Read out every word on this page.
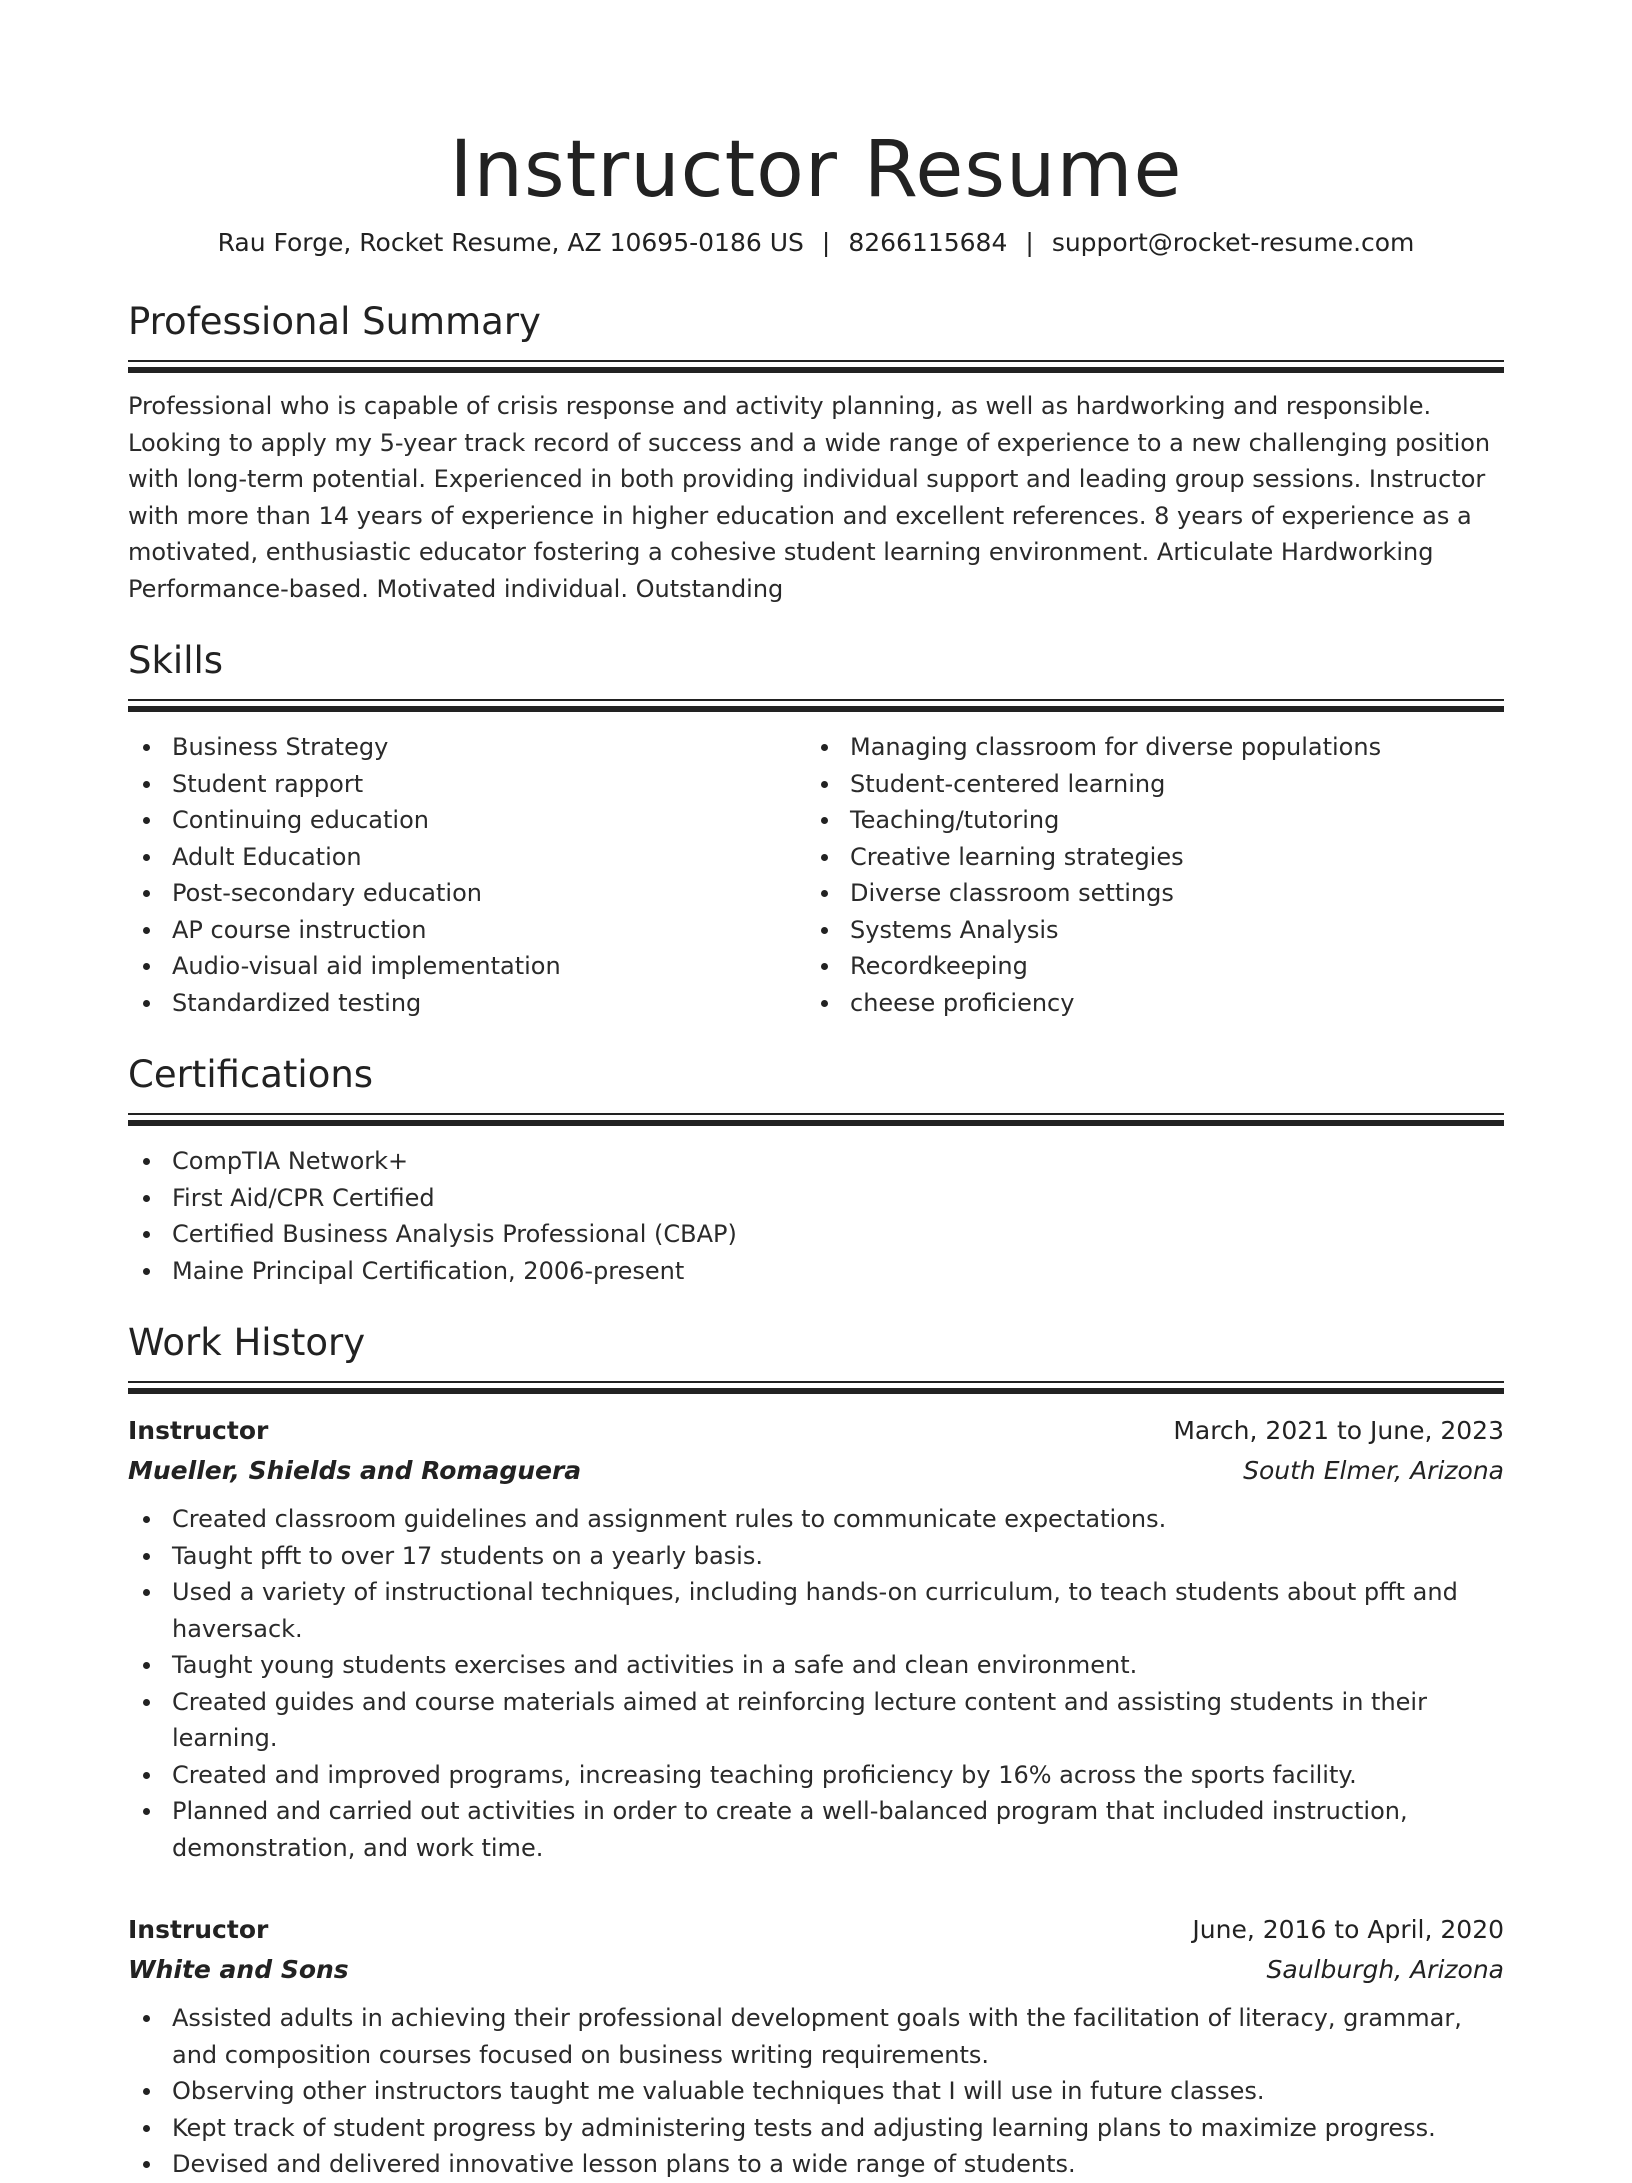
Instructor Resume
Rau Forge, Rocket Resume, AZ 10695-0186 US | 8266115684 | support@rocket-resume.com
Professional Summary
Professional who is capable of crisis response and activity planning, as well as hardworking and responsible. Looking to apply my 5-year track record of success and a wide range of experience to a new challenging position with long-term potential. Experienced in both providing individual support and leading group sessions. Instructor with more than 14 years of experience in higher education and excellent references. 8 years of experience as a motivated, enthusiastic educator fostering a cohesive student learning environment. Articulate Hardworking Performance-based. Motivated individual. Outstanding
Skills
Business Strategy
Student rapport
Continuing education
Adult Education
Post-secondary education
AP course instruction
Audio-visual aid implementation
Standardized testing
Managing classroom for diverse populations
Student-centered learning
Teaching/tutoring
Creative learning strategies
Diverse classroom settings
Systems Analysis
Recordkeeping
cheese proficiency
Certifications
CompTIA Network+
First Aid/CPR Certified
Certified Business Analysis Professional (CBAP)
Maine Principal Certification, 2006-present
Work History
Instructor	March, 2021 to June, 2023
Mueller, Shields and Romaguera	South Elmer, Arizona
Created classroom guidelines and assignment rules to communicate expectations.
Taught pfft to over 17 students on a yearly basis.
Used a variety of instructional techniques, including hands-on curriculum, to teach students about pfft and haversack.
Taught young students exercises and activities in a safe and clean environment.
Created guides and course materials aimed at reinforcing lecture content and assisting students in their learning.
Created and improved programs, increasing teaching proficiency by 16% across the sports facility.
Planned and carried out activities in order to create a well-balanced program that included instruction, demonstration, and work time.
Instructor	June, 2016 to April, 2020
White and Sons	Saulburgh, Arizona
Assisted adults in achieving their professional development goals with the facilitation of literacy, grammar, and composition courses focused on business writing requirements.
Observing other instructors taught me valuable techniques that I will use in future classes.
Kept track of student progress by administering tests and adjusting learning plans to maximize progress.
Devised and delivered innovative lesson plans to a wide range of students.
